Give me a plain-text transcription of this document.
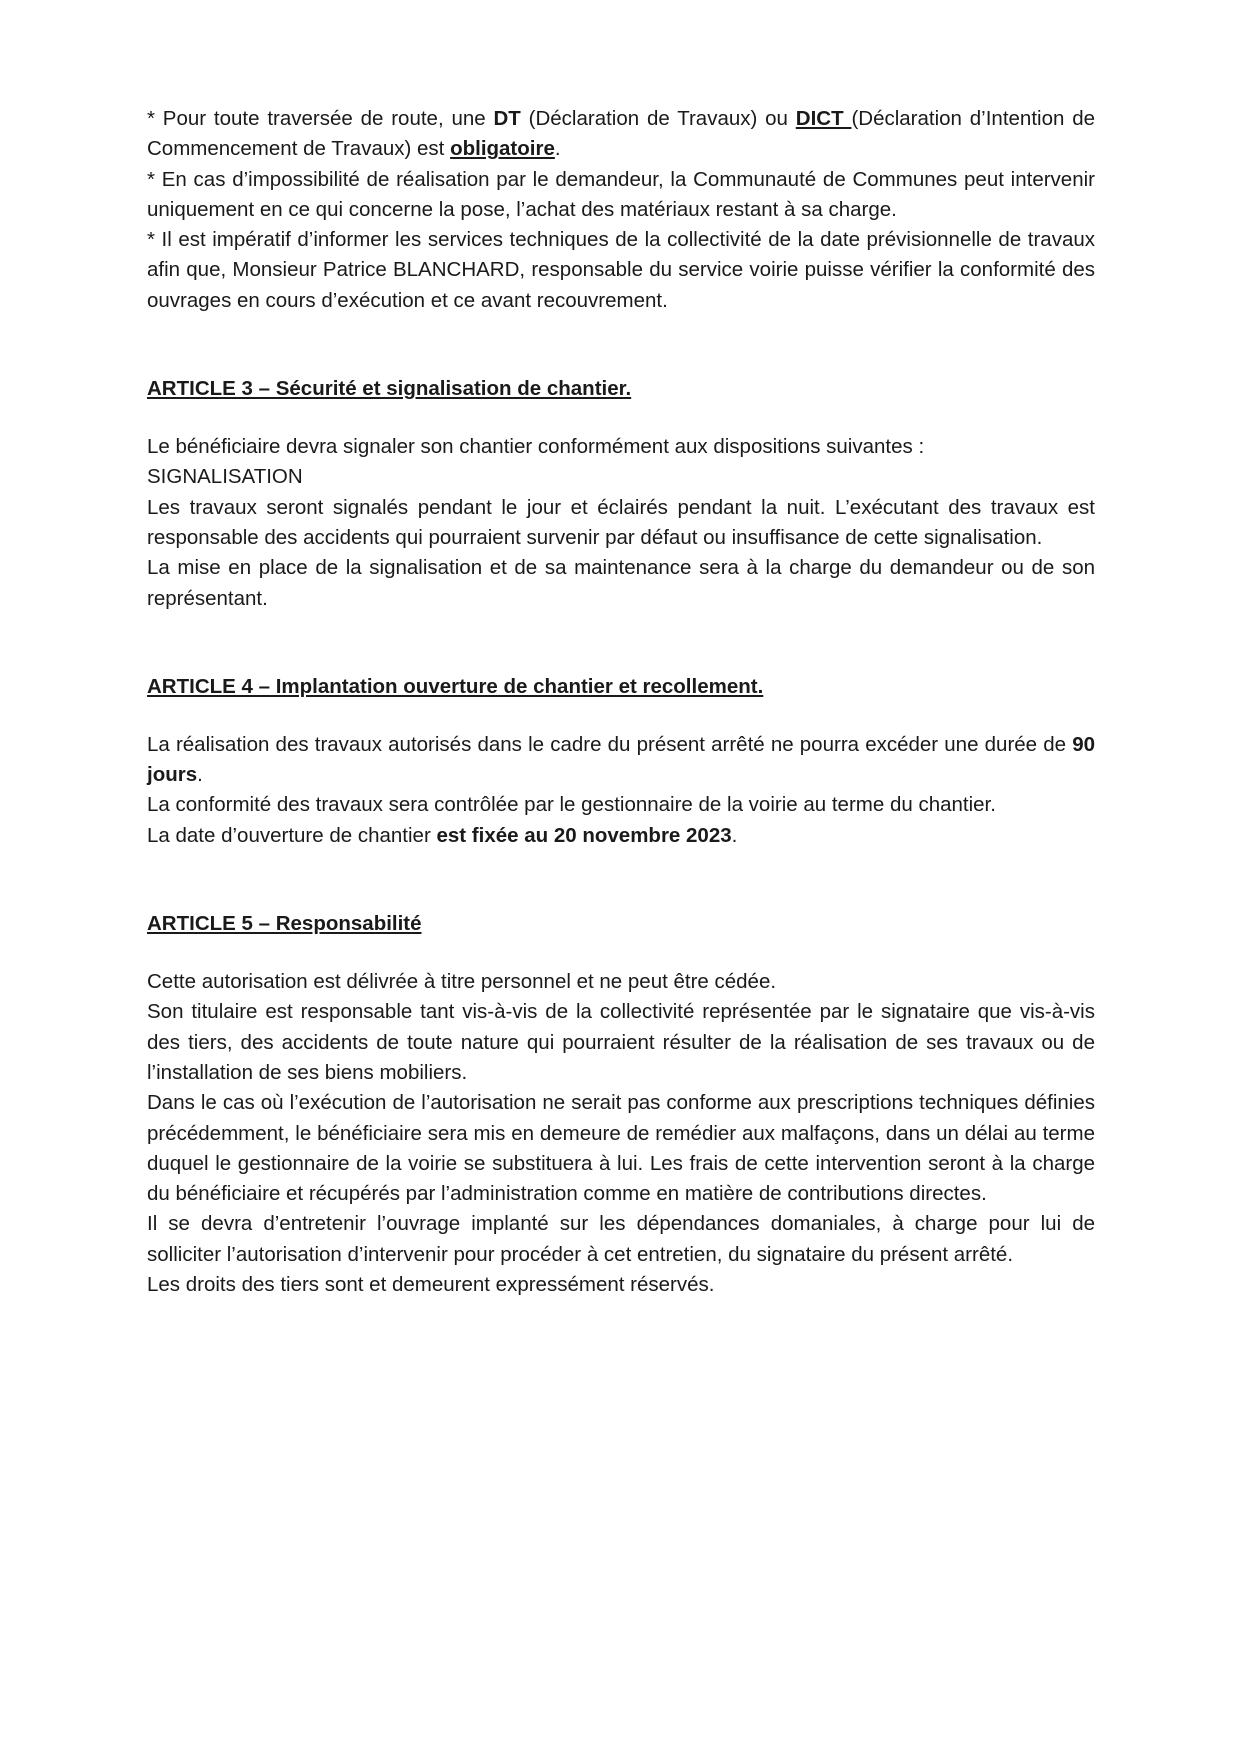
* Pour toute traversée de route, une DT (Déclaration de Travaux) ou DICT (Déclaration d’Intention de Commencement de Travaux) est obligatoire.

* En cas d’impossibilité de réalisation par le demandeur, la Communauté de Communes peut intervenir uniquement en ce qui concerne la pose, l’achat des matériaux restant à sa charge.

* Il est impératif d’informer les services techniques de la collectivité de la date prévisionnelle de travaux afin que, Monsieur Patrice BLANCHARD, responsable du service voirie puisse vérifier la conformité des ouvrages en cours d’exécution et ce avant recouvrement.

ARTICLE 3 – Sécurité et signalisation de chantier.

Le bénéficiaire devra signaler son chantier conformément aux dispositions suivantes :

SIGNALISATION

Les travaux seront signalés pendant le jour et éclairés pendant la nuit. L’exécutant des travaux est responsable des accidents qui pourraient survenir par défaut ou insuffisance de cette signalisation.

La mise en place de la signalisation et de sa maintenance sera à la charge du demandeur ou de son représentant.

ARTICLE 4 – Implantation ouverture de chantier et recollement.

La réalisation des travaux autorisés dans le cadre du présent arrêté ne pourra excéder une durée de 90 jours.

La conformité des travaux sera contrôlée par le gestionnaire de la voirie au terme du chantier.

La date d’ouverture de chantier est fixée au 20 novembre 2023.

ARTICLE 5 – Responsabilité

Cette autorisation est délivrée à titre personnel et ne peut être cédée.

Son titulaire est responsable tant vis-à-vis de la collectivité représentée par le signataire que vis-à-vis des tiers, des accidents de toute nature qui pourraient résulter de la réalisation de ses travaux ou de l’installation de ses biens mobiliers.

Dans le cas où l’exécution de l’autorisation ne serait pas conforme aux prescriptions techniques définies précédemment, le bénéficiaire sera mis en demeure de remédier aux malfaçons, dans un délai au terme duquel le gestionnaire de la voirie se substituera à lui. Les frais de cette intervention seront à la charge du bénéficiaire et récupérés par l’administration comme en matière de contributions directes.

Il se devra d’entretenir l’ouvrage implanté sur les dépendances domaniales, à charge pour lui de solliciter l’autorisation d’intervenir pour procéder à cet entretien, du signataire du présent arrêté.

Les droits des tiers sont et demeurent expressément réservés.
